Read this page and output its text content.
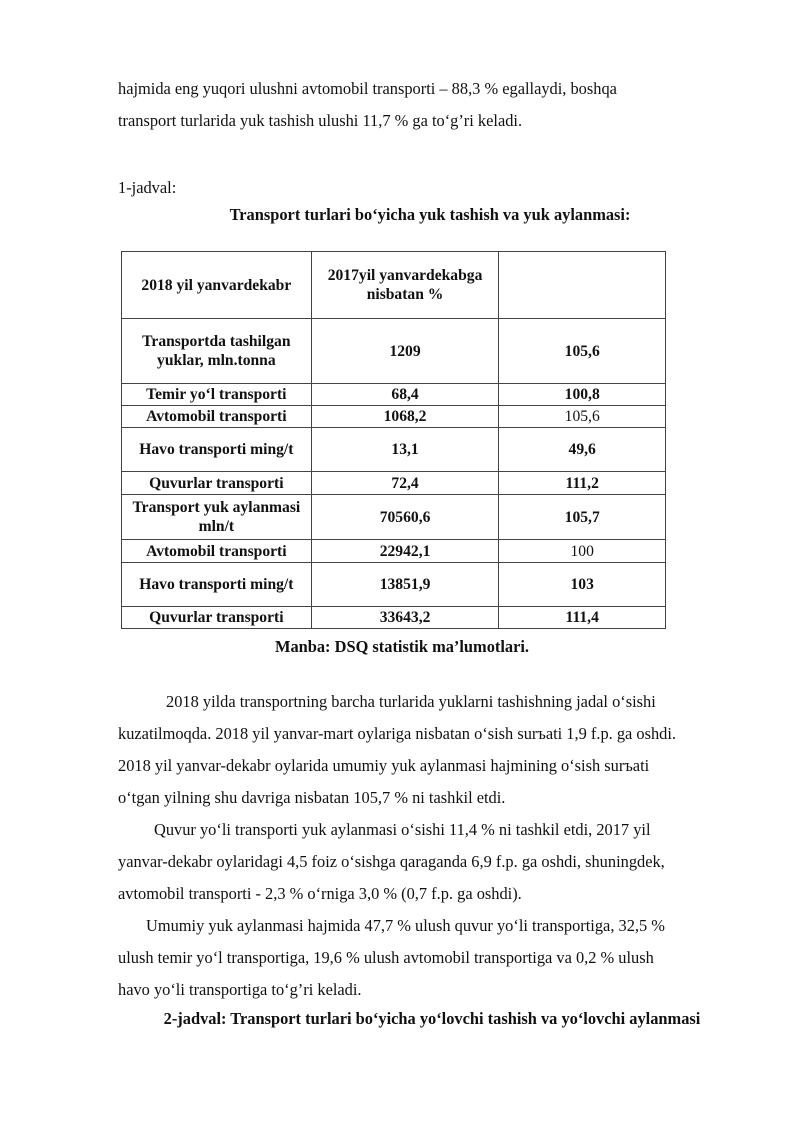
hajmida eng yuqori ulushni avtomobil transporti – 88,3 % egallaydi, boshqa

transport turlarida yuk tashish ulushi 11,7 % ga to‘g’ri keladi.

1-jadval:

Transport turlari bo‘yicha yuk tashish va yuk aylanmasi:

2018 yil yanvardekabr	2017yil yanvardekabga nisbatan %	
Transportda tashilgan yuklar, mln.tonna	1209	105,6
Temir yo‘l transporti	68,4	100,8
Avtomobil transporti	1068,2	105,6
Havo transporti ming/t	13,1	49,6
Quvurlar transporti	72,4	111,2
Transport yuk aylanmasi mln/t	70560,6	105,7
Avtomobil transporti	22942,1	100
Havo transporti ming/t	13851,9	103
Quvurlar transporti	33643,2	111,4

Manba: DSQ statistik ma’lumotlari.

2018 yilda transportning barcha turlarida yuklarni tashishning jadal o‘sishi

kuzatilmoqda. 2018 yil yanvar-mart oylariga nisbatan o‘sish surъati 1,9 f.p. ga oshdi.

2018 yil yanvar-dekabr oylarida umumiy yuk aylanmasi hajmining o‘sish surъati

o‘tgan yilning shu davriga nisbatan 105,7 % ni tashkil etdi.

Quvur yo‘li transporti yuk aylanmasi o‘sishi 11,4 % ni tashkil etdi, 2017 yil

yanvar-dekabr oylaridagi 4,5 foiz o‘sishga qaraganda 6,9 f.p. ga oshdi, shuningdek,

avtomobil transporti - 2,3 % o‘rniga 3,0 % (0,7 f.p. ga oshdi).

Umumiy yuk aylanmasi hajmida 47,7 % ulush quvur yo‘li transportiga, 32,5 %

ulush temir yo‘l transportiga, 19,6 % ulush avtomobil transportiga va 0,2 % ulush

havo yo‘li transportiga to‘g’ri keladi.

2-jadval: Transport turlari bo‘yicha yo‘lovchi tashish va yo‘lovchi aylanmasi
